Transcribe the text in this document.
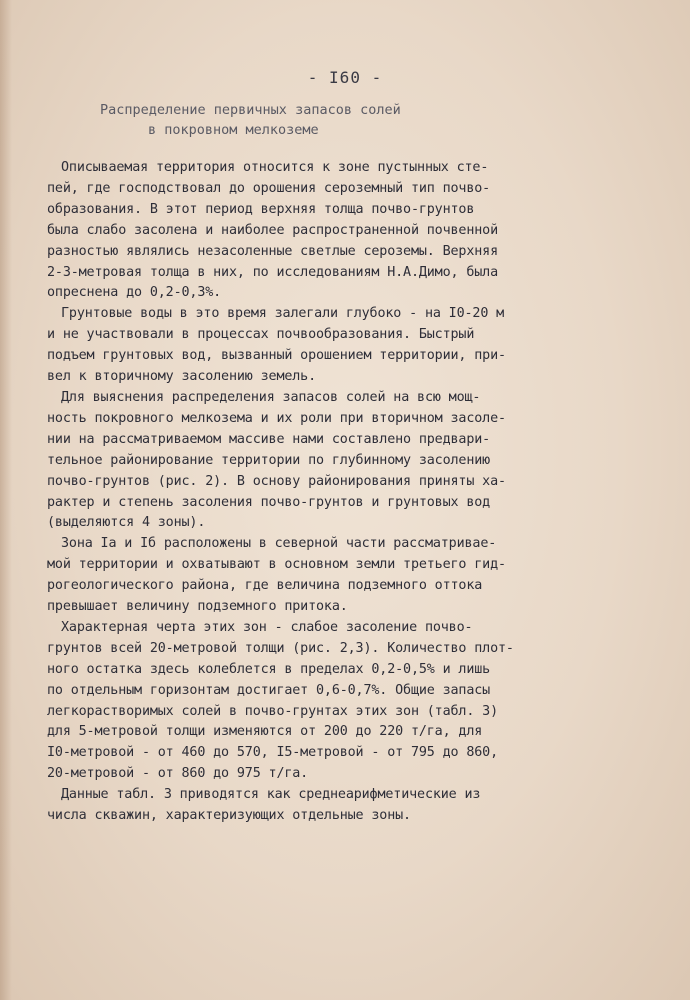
- I60 -
Распределение первичных запасов солей
в покровном мелкоземе
Описываемая территория относится к зоне пустынных сте-
пей, где господствовал до орошения сероземный тип почво-
образования. В этот период верхняя толща почво-грунтов
была слабо засолена и наиболее распространенной почвенной
разностью являлись незасоленные светлые сероземы. Верхняя
2-3-метровая толща в них, по исследованиям Н.А.Димо, была
опреснена до 0,2-0,3%.
Грунтовые воды в это время залегали глубоко - на I0-20 м
и не участвовали в процессах почвообразования. Быстрый
подъем грунтовых вод, вызванный орошением территории, при-
вел к вторичному засолению земель.
Для выяснения распределения запасов солей на всю мощ-
ность покровного мелкозема и их роли при вторичном засоле-
нии на рассматриваемом массиве нами составлено предвари-
тельное районирование территории по глубинному засолению
почво-грунтов (рис. 2). В основу районирования приняты ха-
рактер и степень засоления почво-грунтов и грунтовых вод
(выделяются 4 зоны).
Зона Iа и Iб расположены в северной части рассматривае-
мой территории и охватывают в основном земли третьего гид-
рогеологического района, где величина подземного оттока
превышает величину подземного притока.
Характерная черта этих зон - слабое засоление почво-
грунтов всей 20-метровой толщи (рис. 2,3). Количество плот-
ного остатка здесь колеблется в пределах 0,2-0,5% и лишь
по отдельным горизонтам достигает 0,6-0,7%. Общие запасы
легкорастворимых солей в почво-грунтах этих зон (табл. 3)
для 5-метровой толщи изменяются от 200 до 220 т/га, для
I0-метровой - от 460 до 570, I5-метровой - от 795 до 860,
20-метровой - от 860 до 975 т/га.
Данные табл. 3 приводятся как среднеарифметические из
числа скважин, характеризующих отдельные зоны.
